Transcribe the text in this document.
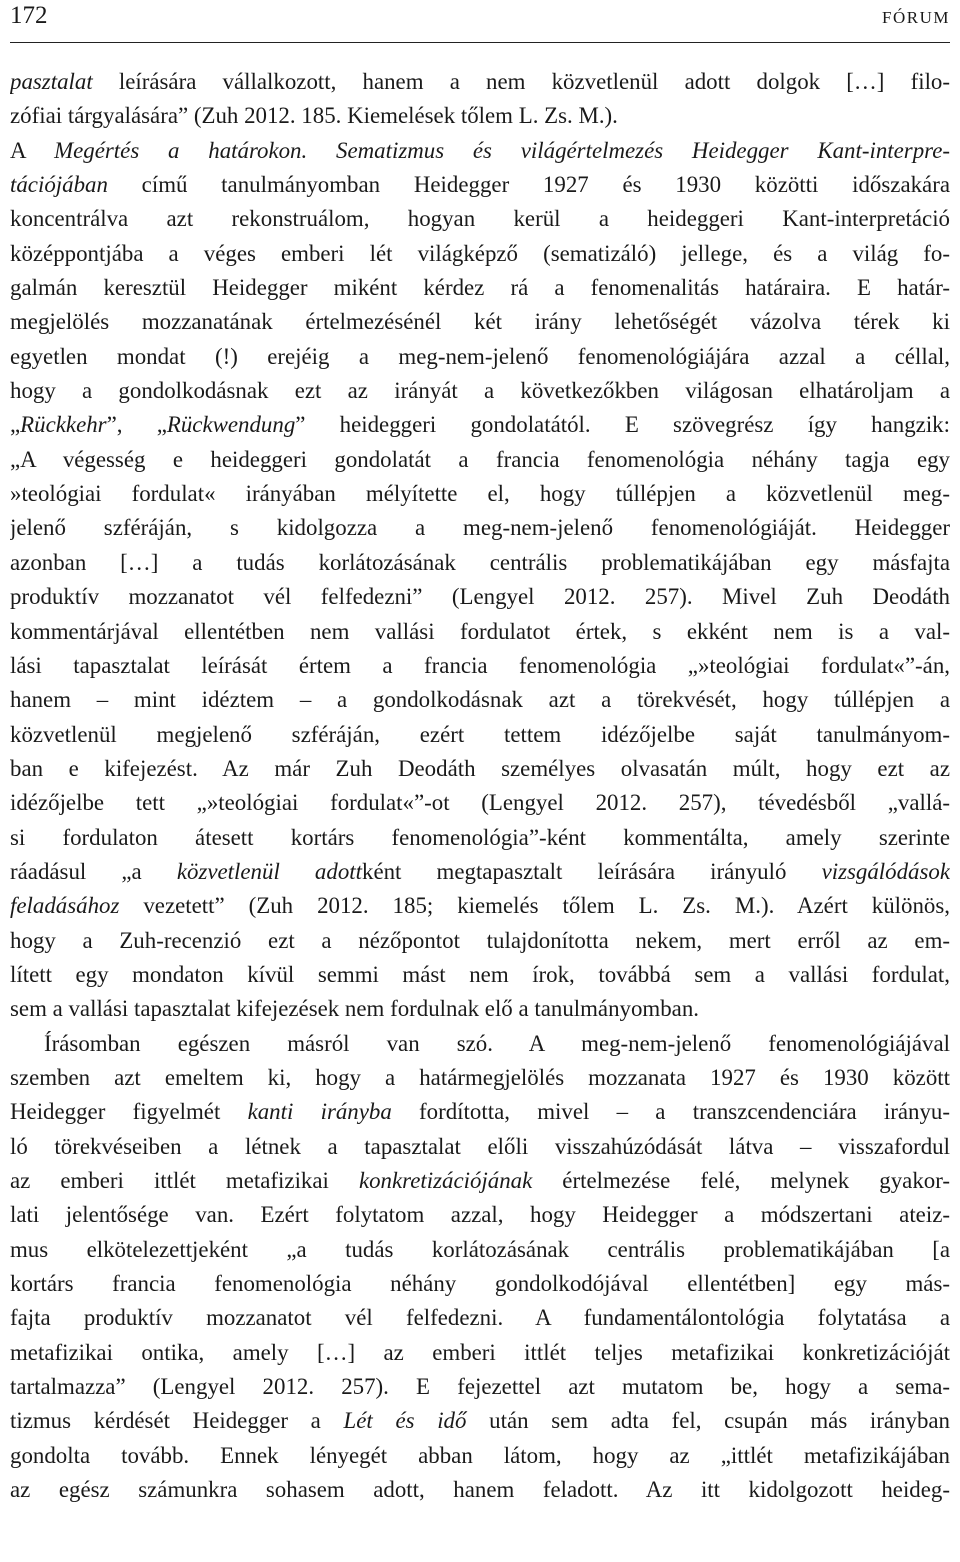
172	FÓRUM
pasztalat leírására vállalkozott, hanem a nem közvetlenül adott dolgok […] filo-
zófiai tárgyalására” (Zuh 2012. 185. Kiemelések tőlem L. Zs. M.).
A Megértés a határokon. Sematizmus és világértelmezés Heidegger Kant-interpre-
tációjában című tanulmányomban Heidegger 1927 és 1930 közötti időszakára
koncentrálva azt rekonstruálom, hogyan kerül a heideggeri Kant-interpretáció
középpontjába a véges emberi lét világképző (sematizáló) jellege, és a világ fo-
galmán keresztül Heidegger miként kérdez rá a fenomenalitás határaira. E határ-
megjelölés mozzanatának értelmezésénél két irány lehetőségét vázolva térek ki
egyetlen mondat (!) erejéig a meg-nem-jelenő fenomenológiájára azzal a céllal,
hogy a gondolkodásnak ezt az irányát a következőkben világosan elhatároljam a
„Rückkehr”, „Rückwendung” heideggeri gondolatától. E szövegrész így hangzik:
„A végesség e heideggeri gondolatát a francia fenomenológia néhány tagja egy
»teológiai fordulat« irányában mélyítette el, hogy túllépjen a közvetlenül meg-
jelenő szféráján, s kidolgozza a meg-nem-jelenő fenomenológiáját. Heidegger
azonban […] a tudás korlátozásának centrális problematikájában egy másfajta
produktív mozzanatot vél felfedezni” (Lengyel 2012. 257). Mivel Zuh Deodáth
kommentárjával ellentétben nem vallási fordulatot értek, s ekként nem is a val-
lási tapasztalat leírását értem a francia fenomenológia „»teológiai fordulat«”-án,
hanem – mint idéztem – a gondolkodásnak azt a törekvését, hogy túllépjen a
közvetlenül megjelenő szféráján, ezért tettem idézőjelbe saját tanulmányom-
ban e kifejezést. Az már Zuh Deodáth személyes olvasatán múlt, hogy ezt az
idézőjelbe tett „»teológiai fordulat«”-ot (Lengyel 2012. 257), tévedésből „vallá-
si fordulaton átesett kortárs fenomenológia”-ként kommentálta, amely szerinte
ráadásul „a közvetlenül adottként megtapasztalt leírására irányuló vizsgálódások
feladásához vezetett” (Zuh 2012. 185; kiemelés tőlem L. Zs. M.). Azért különös,
hogy a Zuh-recenzió ezt a nézőpontot tulajdonította nekem, mert erről az em-
lített egy mondaton kívül semmi mást nem írok, továbbá sem a vallási fordulat,
sem a vallási tapasztalat kifejezések nem fordulnak elő a tanulmányomban.
Írásomban egészen másról van szó. A meg-nem-jelenő fenomenológiájával
szemben azt emeltem ki, hogy a határmegjelölés mozzanata 1927 és 1930 között
Heidegger figyelmét kanti irányba fordította, mivel – a transzcendenciára irányu-
ló törekvéseiben a létnek a tapasztalat előli visszahúzódását látva – visszafordul
az emberi ittlét metafizikai konkretizációjának értelmezése felé, melynek gyakor-
lati jelentősége van. Ezért folytatom azzal, hogy Heidegger a módszertani ateiz-
mus elkötelezettjeként „a tudás korlátozásának centrális problematikájában [a
kortárs francia fenomenológia néhány gondolkodójával ellentétben] egy más-
fajta produktív mozzanatot vél felfedezni. A fundamentálontológia folytatása a
metafizikai ontika, amely […] az emberi ittlét teljes metafizikai konkretizációját
tartalmazza” (Lengyel 2012. 257). E fejezettel azt mutatom be, hogy a sema-
tizmus kérdését Heidegger a Lét és idő után sem adta fel, csupán más irányban
gondolta tovább. Ennek lényegét abban látom, hogy az „ittlét metafizikájában
az egész számunkra sohasem adott, hanem feladott. Az itt kidolgozott heideg-
